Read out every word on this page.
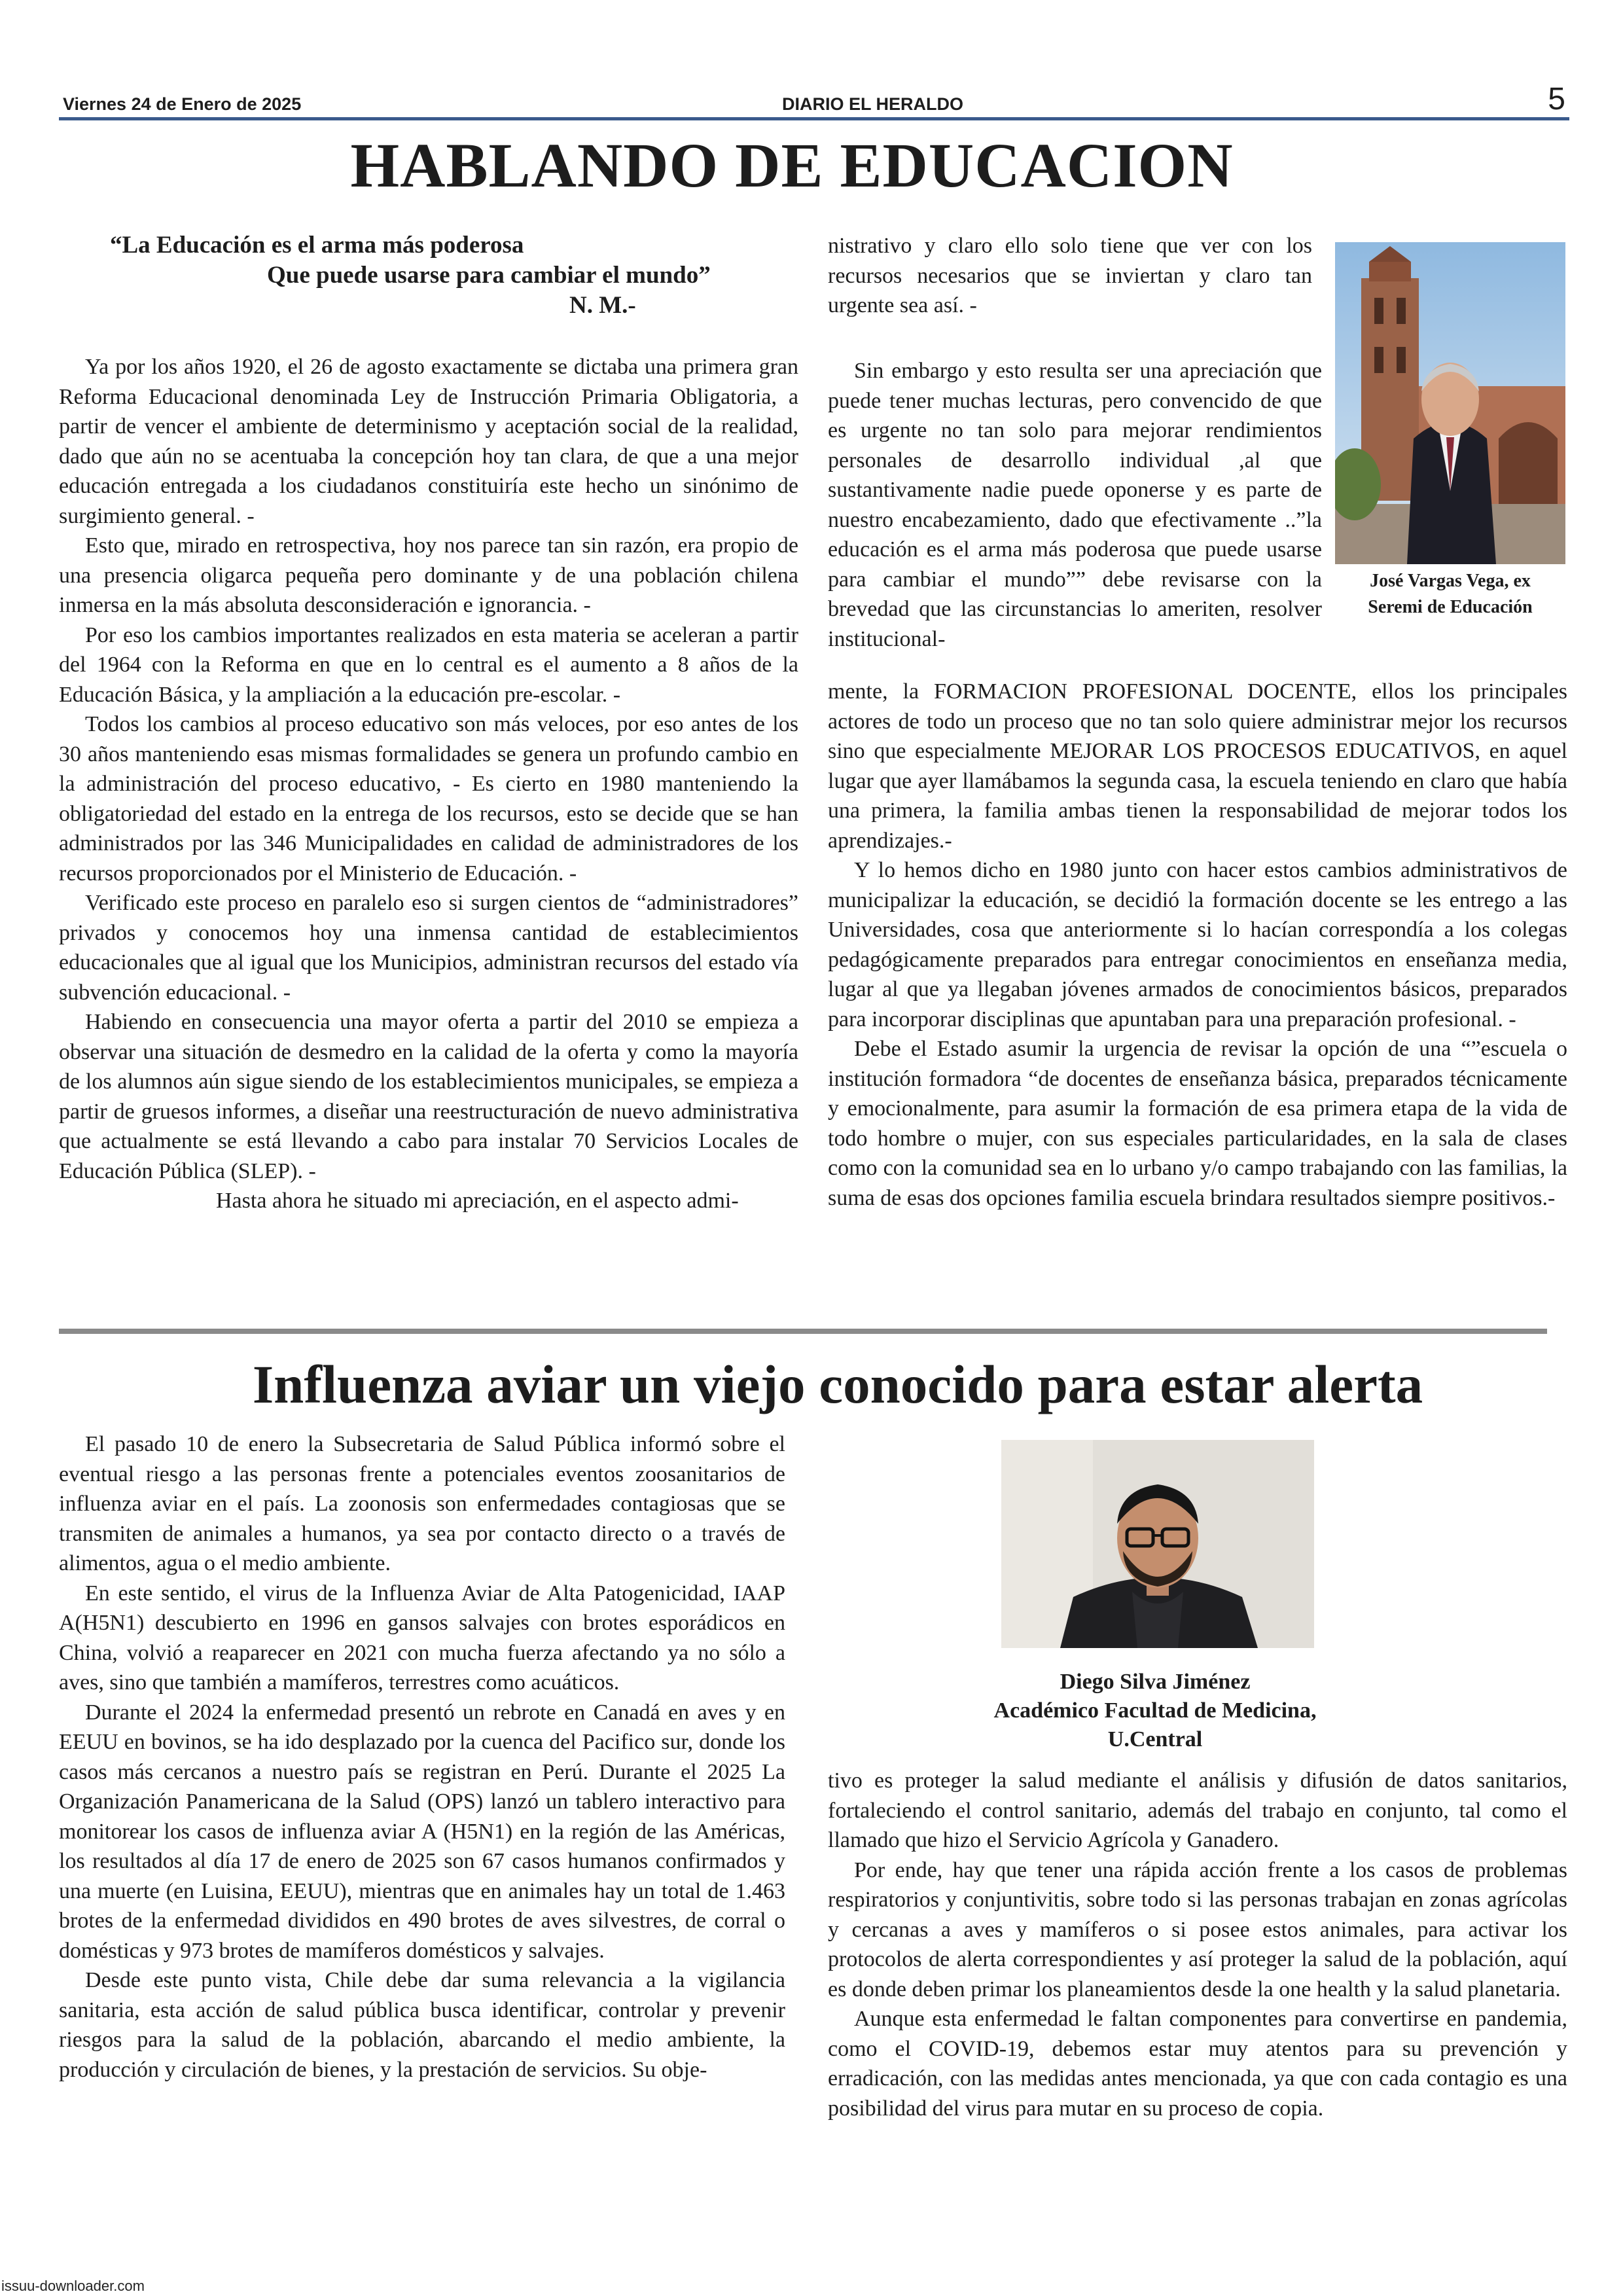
Viernes 24 de Enero de 2025	DIARIO EL HERALDO	5
HABLANDO DE EDUCACION
“La Educación es el arma más poderosa
Que puede usarse para cambiar el mundo”
N. M.-

Ya por los años 1920, el 26 de agosto exactamente se dictaba una primera gran Reforma Educacional denominada Ley de Instrucción Primaria Obligatoria, a partir de vencer el ambiente de determinismo y aceptación social de la realidad, dado que aún no se acentuaba la concepción hoy tan clara, de que a una mejor educación entregada a los ciudadanos constituiría este hecho un sinónimo de surgimiento general. -

Esto que, mirado en retrospectiva, hoy nos parece tan sin razón, era propio de una presencia oligarca pequeña pero dominante y de una población chilena inmersa en la más absoluta desconsideración e ignorancia. -

Por eso los cambios importantes realizados en esta materia se aceleran a partir del 1964 con la Reforma en que en lo central es el aumento a 8 años de la Educación Básica, y la ampliación a la educación pre-escolar. -

Todos los cambios al proceso educativo son más veloces, por eso antes de los 30 años manteniendo esas mismas formalidades se genera un profundo cambio en la administración del proceso educativo, - Es cierto en 1980 manteniendo la obligatoriedad del estado en la entrega de los recursos, esto se decide que se han administrados por las 346 Municipalidades en calidad de administradores de los recursos proporcionados por el Ministerio de Educación. -

Verificado este proceso en paralelo eso si surgen cientos de “administradores” privados y conocemos hoy una inmensa cantidad de establecimientos educacionales que al igual que los Municipios, administran recursos del estado vía subvención educacional. -

Habiendo en consecuencia una mayor oferta a partir del 2010 se empieza a observar una situación de desmedro en la calidad de la oferta y como la mayoría de los alumnos aún sigue siendo de los establecimientos municipales, se empieza a partir de gruesos informes, a diseñar una reestructuración de nuevo administrativa que actualmente se está llevando a cabo para instalar 70 Servicios Locales de Educación Pública (SLEP). -

Hasta ahora he situado mi apreciación, en el aspecto admi-

nistrativo y claro ello solo tiene que ver con los recursos necesarios que se inviertan y claro tan urgente sea así. -

Sin embargo y esto resulta ser una apreciación que puede tener muchas lecturas, pero convencido de que es urgente no tan solo para mejorar rendimientos personales de desarrollo individual ,al que sustantivamente nadie puede oponerse y es parte de nuestro encabezamiento, dado que efectivamente ..”la educación es el arma más poderosa que puede usarse para cambiar el mundo”” debe revisarse con la brevedad que las circunstancias lo ameriten, resolver institucional-

José Vargas Vega, ex
Seremi de Educación

mente, la FORMACION PROFESIONAL DOCENTE, ellos los principales actores de todo un proceso que no tan solo quiere administrar mejor los recursos sino que especialmente MEJORAR LOS PROCESOS EDUCATIVOS, en aquel lugar que ayer llamábamos la segunda casa, la escuela teniendo en claro que había una primera, la familia ambas tienen la responsabilidad de mejorar todos los aprendizajes.-

Y lo hemos dicho en 1980 junto con hacer estos cambios administrativos de municipalizar la educación, se decidió la formación docente se les entrego a las Universidades, cosa que anteriormente si lo hacían correspondía a los colegas pedagógicamente preparados para entregar conocimientos en enseñanza media, lugar al que ya llegaban jóvenes armados de conocimientos básicos, preparados para incorporar disciplinas que apuntaban para una preparación profesional. -

Debe el Estado asumir la urgencia de revisar la opción de una “”escuela o institución formadora “de docentes de enseñanza básica, preparados técnicamente y emocionalmente, para asumir la formación de esa primera etapa de la vida de todo hombre o mujer, con sus especiales particularidades, en la sala de clases como con la comunidad sea en lo urbano y/o campo trabajando con las familias, la suma de esas dos opciones familia escuela brindara resultados siempre positivos.-

Influenza aviar un viejo conocido para estar alerta

El pasado 10 de enero la Subsecretaria de Salud Pública informó sobre el eventual riesgo a las personas frente a potenciales eventos zoosanitarios de influenza aviar en el país. La zoonosis son enfermedades contagiosas que se transmiten de animales a humanos, ya sea por contacto directo o a través de alimentos, agua o el medio ambiente.

En este sentido, el virus de la Influenza Aviar de Alta Patogenicidad, IAAP A(H5N1) descubierto en 1996 en gansos salvajes con brotes esporádicos en China, volvió a reaparecer en 2021 con mucha fuerza afectando ya no sólo a aves, sino que también a mamíferos, terrestres como acuáticos.

Durante el 2024 la enfermedad presentó un rebrote en Canadá en aves y en EEUU en bovinos, se ha ido desplazado por la cuenca del Pacifico sur, donde los casos más cercanos a nuestro país se registran en Perú. Durante el 2025 La Organización Panamericana de la Salud (OPS) lanzó un tablero interactivo para monitorear los casos de influenza aviar A (H5N1) en la región de las Américas, los resultados al día 17 de enero de 2025 son 67 casos humanos confirmados y una muerte (en Luisina, EEUU), mientras que en animales hay un total de 1.463 brotes de la enfermedad divididos en 490 brotes de aves silvestres, de corral o domésticas y 973 brotes de mamíferos domésticos y salvajes.

Desde este punto vista, Chile debe dar suma relevancia a la vigilancia sanitaria, esta acción de salud pública busca identificar, controlar y prevenir riesgos para la salud de la población, abarcando el medio ambiente, la producción y circulación de bienes, y la prestación de servicios. Su obje-

Diego Silva Jiménez
Académico Facultad de Medicina,
U.Central

tivo es proteger la salud mediante el análisis y difusión de datos sanitarios, fortaleciendo el control sanitario, además del trabajo en conjunto, tal como el llamado que hizo el Servicio Agrícola y Ganadero.

Por ende, hay que tener una rápida acción frente a los casos de problemas respiratorios y conjuntivitis, sobre todo si las personas trabajan en zonas agrícolas y cercanas a aves y mamíferos o si posee estos animales, para activar los protocolos de alerta correspondientes y así proteger la salud de la población, aquí es donde deben primar los planeamientos desde la one health y la salud planetaria.

Aunque esta enfermedad le faltan componentes para convertirse en pandemia, como el COVID-19, debemos estar muy atentos para su prevención y erradicación, con las medidas antes mencionada, ya que con cada contagio es una posibilidad del virus para mutar en su proceso de copia.

issuu-downloader.com
